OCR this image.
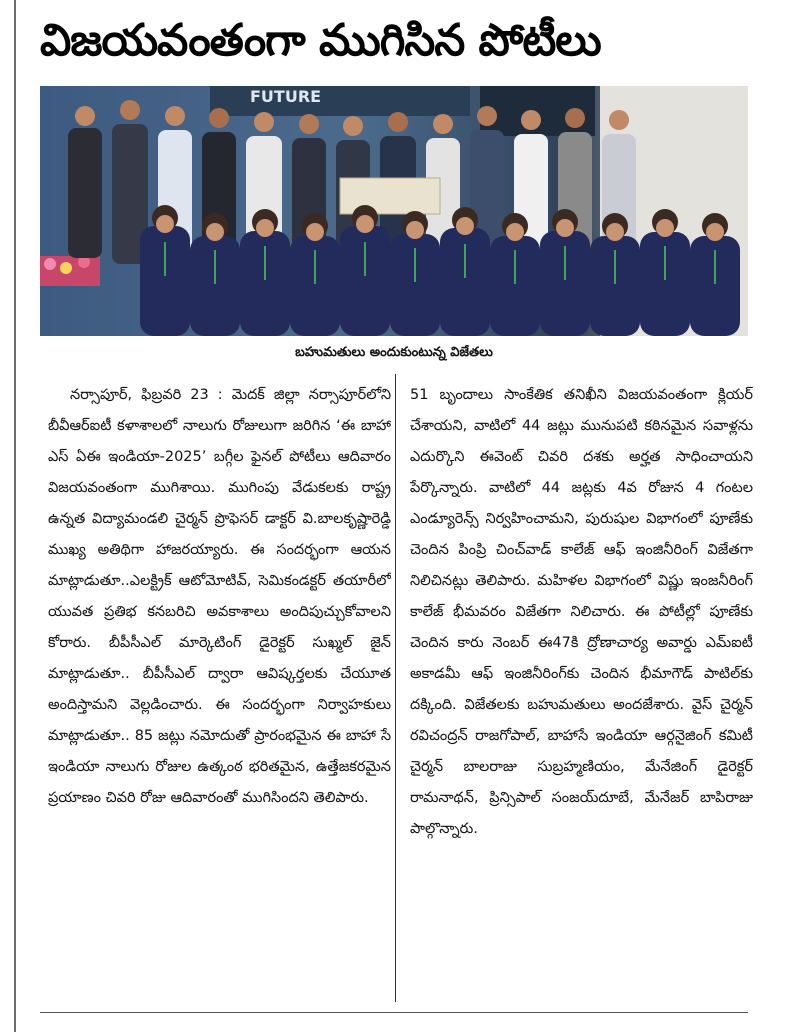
విజయవంతంగా ముగిసిన పోటీలు
FUTURE
బహుమతులు అందుకుంటున్న విజేతలు

నర్సాపూర్, ఫిబ్రవరి 23 : మెదక్ జిల్లా నర్సాపూర్‌లోని బీవీఆర్ఐటీ కళాశాలలో నాలుగు రోజులుగా జరిగిన ‘ఈ బాహా ఎస్ ఏఈ ఇండియా-2025’ బగ్గీల ఫైనల్ పోటీలు ఆదివారం విజయవంతంగా ముగిశాయి. ముగింపు వేడుకలకు రాష్ట్ర ఉన్నత విద్యామండలి చైర్మన్ ప్రొఫెసర్ డాక్టర్ వి.బాలకృష్ణారెడ్డి ముఖ్య అతిథిగా హాజరయ్యారు. ఈ సందర్భంగా ఆయన మాట్లాడుతూ..ఎలక్ట్రిక్ ఆటోమోటివ్, సెమికండక్టర్ తయారీలో యువత ప్రతిభ కనబరిచి అవకాశాలు అందిపుచ్చుకోవాలని కోరారు. బీపీసీఎల్ మార్కెటింగ్ డైరెక్టర్ సుఖ్మల్ జైన్ మాట్లాడుతూ.. బీపీసీఎల్ ద్వారా ఆవిష్కర్తలకు చేయూత అందిస్తామని వెల్లడించారు. ఈ సందర్భంగా నిర్వాహకులు మాట్లాడుతూ.. 85 జట్లు నమోదుతో ప్రారంభమైన ఈ బాహా సే ఇండియా నాలుగు రోజుల ఉత్కంఠ భరితమైన, ఉత్తేజకరమైన ప్రయాణం చివరి రోజు ఆదివారంతో ముగిసిందని తెలిపారు.

51 బృందాలు సాంకేతిక తనిఖీని విజయవంతంగా క్లియర్ చేశాయని, వాటిలో 44 జట్లు మునుపటి కఠినమైన సవాళ్లను ఎదుర్కొని ఈవెంట్ చివరి దశకు అర్హత సాధించాయని పేర్కొన్నారు. వాటిలో 44 జట్లకు 4వ రోజున 4 గంటల ఎండ్యూరెన్స్ నిర్వహించామని, పురుషుల విభాగంలో పూణేకు చెందిన పింప్రి చించ్‌వాడ్ కాలేజ్ ఆఫ్ ఇంజినీరింగ్ విజేతగా నిలిచినట్లు తెలిపారు. మహిళల విభాగంలో విష్ణు ఇంజనీరింగ్ కాలేజ్ భీమవరం విజేతగా నిలిచారు. ఈ పోటీల్లో పూణేకు చెందిన కారు నెంబర్ ఈ47కి ద్రోణాచార్య అవార్డు ఎమ్ఐటీ అకాడమీ ఆఫ్ ఇంజినీరింగ్‌కు చెందిన భీమాగౌడ్ పాటిల్‌కు దక్కింది. విజేతలకు బహుమతులు అందజేశారు. వైస్ చైర్మన్ రవిచంద్రన్ రాజగోపాల్, బాహాసే ఇండియా ఆర్గనైజింగ్ కమిటీ చైర్మన్ బాలరాజు సుబ్రహ్మణియం, మేనేజింగ్ డైరెక్టర్ రామనాథన్, ప్రిన్సిపాల్ సంజయ్‌దూబే, మేనేజర్ బాపిరాజు పాల్గొన్నారు.
